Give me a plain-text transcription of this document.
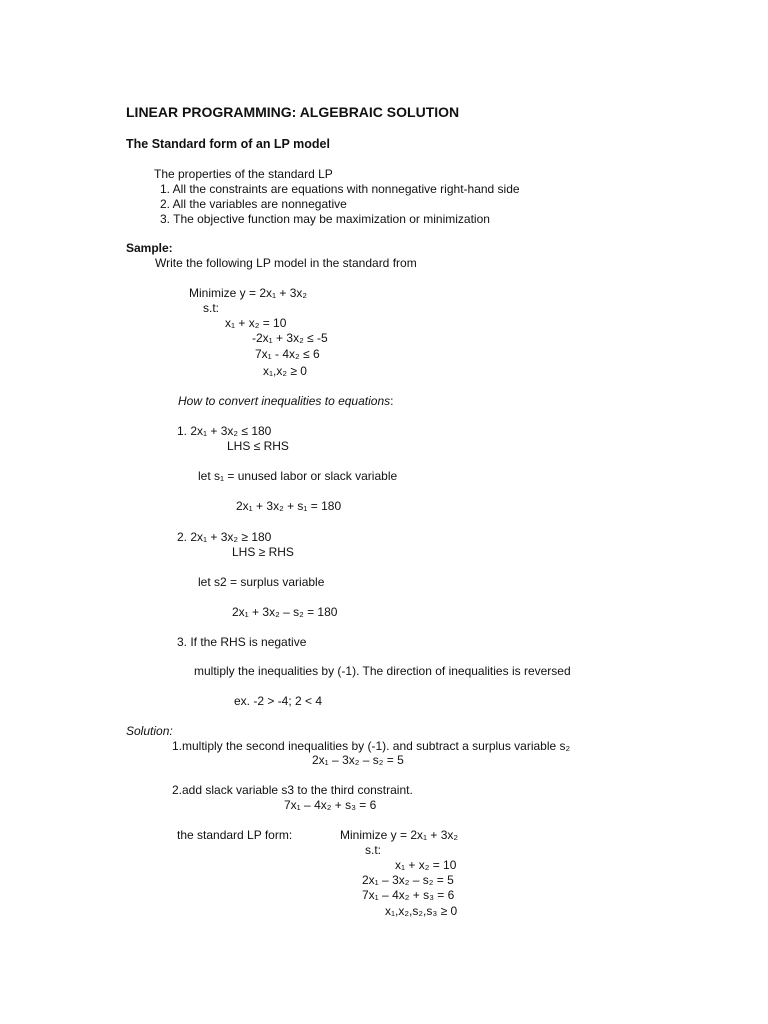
LINEAR PROGRAMMING: ALGEBRAIC SOLUTION
The Standard form of an LP model
The properties of the standard LP
1. All the constraints are equations with nonnegative right-hand side
2. All the variables are nonnegative
3. The objective function may be maximization or minimization
Sample:
Write the following LP model in the standard from
Minimize y = 2x₁ + 3x₂
s.t:
x₁ + x₂ = 10
-2x₁ + 3x₂ ≤ -5
7x₁ - 4x₂ ≤ 6
x₁,x₂ ≥ 0
How to convert inequalities to equations:
1. 2x₁ + 3x₂ ≤ 180
LHS ≤ RHS
let s₁ = unused labor or slack variable
2x₁ + 3x₂ + s₁ = 180
2. 2x₁ + 3x₂ ≥ 180
LHS ≥ RHS
let s2 = surplus variable
2x₁ + 3x₂ – s₂ = 180
3. If the RHS is negative
multiply the inequalities by (-1). The direction of inequalities is reversed
ex. -2 > -4; 2 < 4
Solution:
1.multiply the second inequalities by (-1). and subtract a surplus variable s₂
2x₁ – 3x₂ – s₂ = 5
2.add slack variable s3 to the third constraint.
7x₁ – 4x₂ + s₃ = 6
the standard LP form:	Minimize y = 2x₁ + 3x₂
s.t:
x₁ + x₂ = 10
2x₁ – 3x₂ – s₂ = 5
7x₁ – 4x₂ + s₃ = 6
x₁,x₂,s₂,s₃ ≥ 0
